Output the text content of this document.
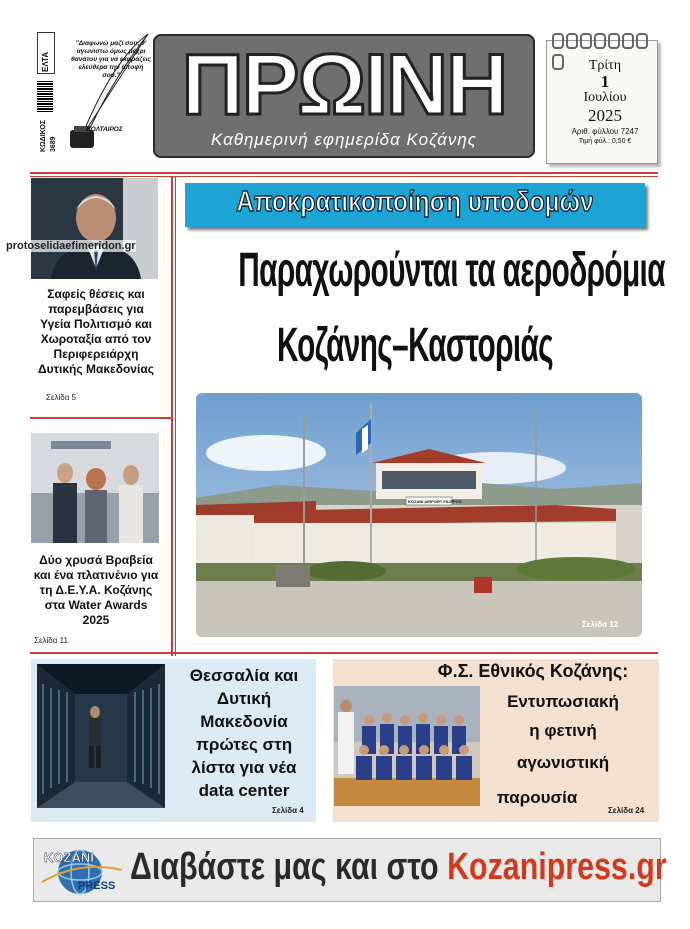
ΕΛΤΑ
ΚΩΔΙΚΟΣ 3689
"Διαφωνώ μαζί σου, θ' αγωνιστώ όμως μέχρι θανάτου για να εκφράζεις ελεύθερα την άποψή σου."
ΒΟΛΤΑΙΡΟΣ ΠΡΩΙΝΗ
Καθημερινή εφημερίδα Κοζάνης
Τρίτη
1
Ιουλίου
2025
Αριθ. φύλλου 7247
Τιμή φύλ.: 0,50 €
protoselidaefimeridon.gr
Σαφείς θέσεις και παρεμβάσεις για Υγεία Πολιτισμό και Χωροταξία από τον Περιφερειάρχη Δυτικής Μακεδονίας
Σελίδα 5
Δύο χρυσά Βραβεία και ένα πλατινένιο για τη Δ.Ε.Υ.Α. Κοζάνης στα Water Awards 2025
Σελίδα 11
Αποκρατικοποίηση υποδομών
Παραχωρούνται τα αεροδρόμια
Κοζάνης–Καστοριάς
KOZANI AIRPORT FILIPPOS
Σελίδα 12
Θεσσαλία και
Δυτική
Μακεδονία
πρώτες στη
λίστα για νέα
data center
Σελίδα 4
Φ.Σ. Εθνικός Κοζάνης:
Εντυπωσιακή
η φετινή
αγωνιστική
παρουσία
Σελίδα 24
KOZANI
PRESS Διαβάστε μας και στο Kozanipress.gr
